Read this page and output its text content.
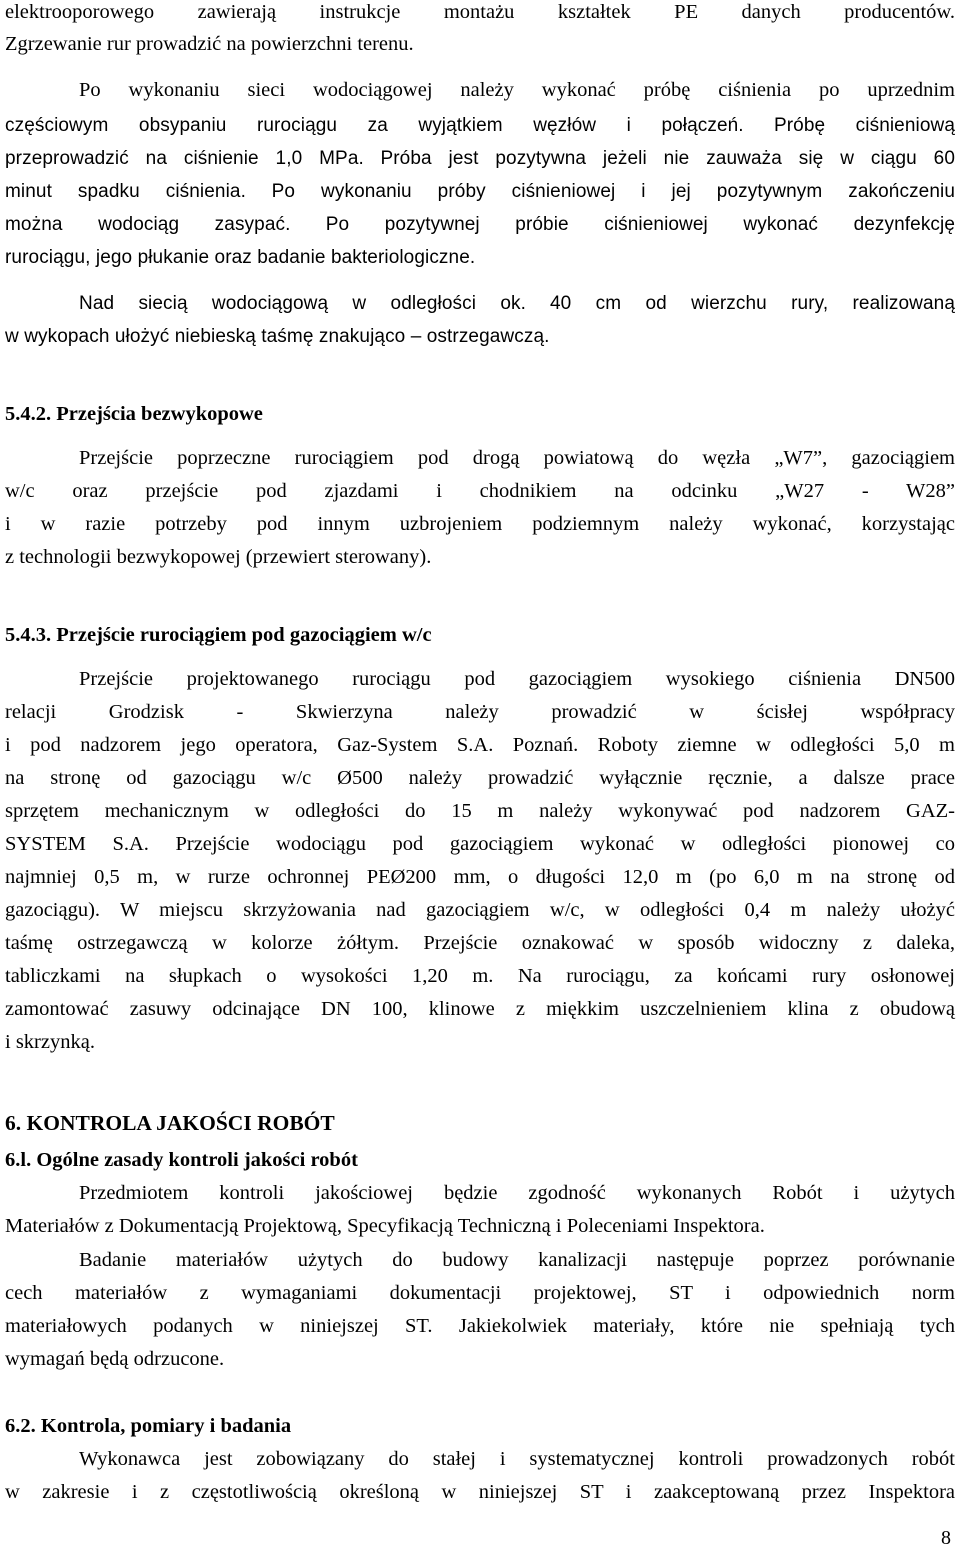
elektrooporowego zawierają instrukcje montażu kształtek PE danych producentów.
Zgrzewanie rur prowadzić na powierzchni terenu.
Po wykonaniu sieci wodociągowej należy wykonać próbę ciśnienia po uprzednim
częściowym obsypaniu rurociągu za wyjątkiem węzłów i połączeń. Próbę ciśnieniową
przeprowadzić na ciśnienie 1,0 MPa. Próba jest pozytywna jeżeli nie zauważa się w ciągu 60
minut spadku ciśnienia. Po wykonaniu próby ciśnieniowej i jej pozytywnym zakończeniu
można wodociąg zasypać. Po pozytywnej próbie ciśnieniowej wykonać dezynfekcję
rurociągu, jego płukanie oraz badanie bakteriologiczne.
Nad siecią wodociągową w odległości ok. 40 cm od wierzchu rury, realizowaną
w wykopach ułożyć niebieską taśmę znakująco – ostrzegawczą.
5.4.2. Przejścia bezwykopowe
Przejście poprzeczne rurociągiem pod drogą powiatową do węzła „W7”, gazociągiem
w/c oraz przejście pod zjazdami i chodnikiem na odcinku „W27 - W28”
i w razie potrzeby pod innym uzbrojeniem podziemnym należy wykonać, korzystając
z technologii bezwykopowej (przewiert sterowany).
5.4.3. Przejście rurociągiem pod gazociągiem w/c
Przejście projektowanego rurociągu pod gazociągiem wysokiego ciśnienia DN500
relacji Grodzisk - Skwierzyna należy prowadzić w ścisłej współpracy
i pod nadzorem jego operatora, Gaz-System S.A. Poznań. Roboty ziemne w odległości 5,0 m
na stronę od gazociągu w/c Ø500 należy prowadzić wyłącznie ręcznie, a dalsze prace
sprzętem mechanicznym w odległości do 15 m należy wykonywać pod nadzorem GAZ-
SYSTEM S.A. Przejście wodociągu pod gazociągiem wykonać w odległości pionowej co
najmniej 0,5 m, w rurze ochronnej PEØ200 mm, o długości 12,0 m (po 6,0 m na stronę od
gazociągu). W miejscu skrzyżowania nad gazociągiem w/c, w odległości 0,4 m należy ułożyć
taśmę ostrzegawczą w kolorze żółtym. Przejście oznakować w sposób widoczny z daleka,
tabliczkami na słupkach o wysokości 1,20 m. Na rurociągu, za końcami rury osłonowej
zamontować zasuwy odcinające DN 100, klinowe z miękkim uszczelnieniem klina z obudową
i skrzynką.
6. KONTROLA JAKOŚCI ROBÓT
6.l. Ogólne zasady kontroli jakości robót
Przedmiotem kontroli jakościowej będzie zgodność wykonanych Robót i użytych
Materiałów z Dokumentacją Projektową, Specyfikacją Techniczną i Poleceniami Inspektora.
Badanie materiałów użytych do budowy kanalizacji następuje poprzez porównanie
cech materiałów z wymaganiami dokumentacji projektowej, ST i odpowiednich norm
materiałowych podanych w niniejszej ST. Jakiekolwiek materiały, które nie spełniają tych
wymagań będą odrzucone.
6.2. Kontrola, pomiary i badania
Wykonawca jest zobowiązany do stałej i systematycznej kontroli prowadzonych robót
w zakresie i z częstotliwością określoną w niniejszej ST i zaakceptowaną przez Inspektora
8
